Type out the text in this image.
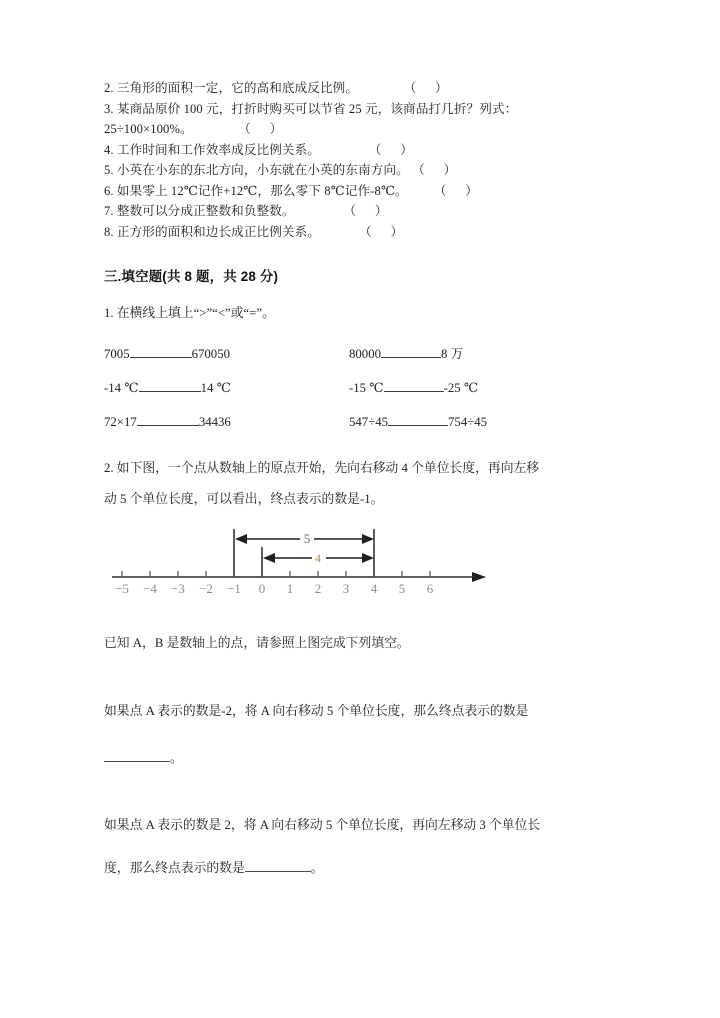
2. 三角形的面积一定，它的高和底成反比例。	（      ）
3. 某商品原价 100 元，打折时购买可以节省 25 元，该商品打几折？列式：
25÷100×100%。	（      ）
4. 工作时间和工作效率成反比例关系。	（      ）
5. 小英在小东的东北方向，小东就在小英的东南方向。 （      ）
6. 如果零上 12℃记作+12℃，那么零下 8℃记作-8℃。 （      ）
7. 整数可以分成正整数和负整数。	（      ）
8. 正方形的面积和边长成正比例关系。	（      ）
三.填空题(共 8 题，共 28 分)
1. 在横线上填上“>”“<”或“=”。
7005	670050	80000	8 万
-14 ℃	14 ℃	-15 ℃	-25 ℃
72×17	34436	547÷45	754÷45
2. 如下图，一个点从数轴上的原点开始，先向右移动 4 个单位长度，再向左移
动 5 个单位长度，可以看出，终点表示的数是-1。
−5 −4 −3 −2 −1 0 1 2 3 4 5 6
5
4
已知 A，B 是数轴上的点，请参照上图完成下列填空。
如果点 A 表示的数是-2，将 A 向右移动 5 个单位长度，那么终点表示的数是
。
如果点 A 表示的数是 2，将 A 向右移动 5 个单位长度，再向左移动 3 个单位长
度，那么终点表示的数是	。
